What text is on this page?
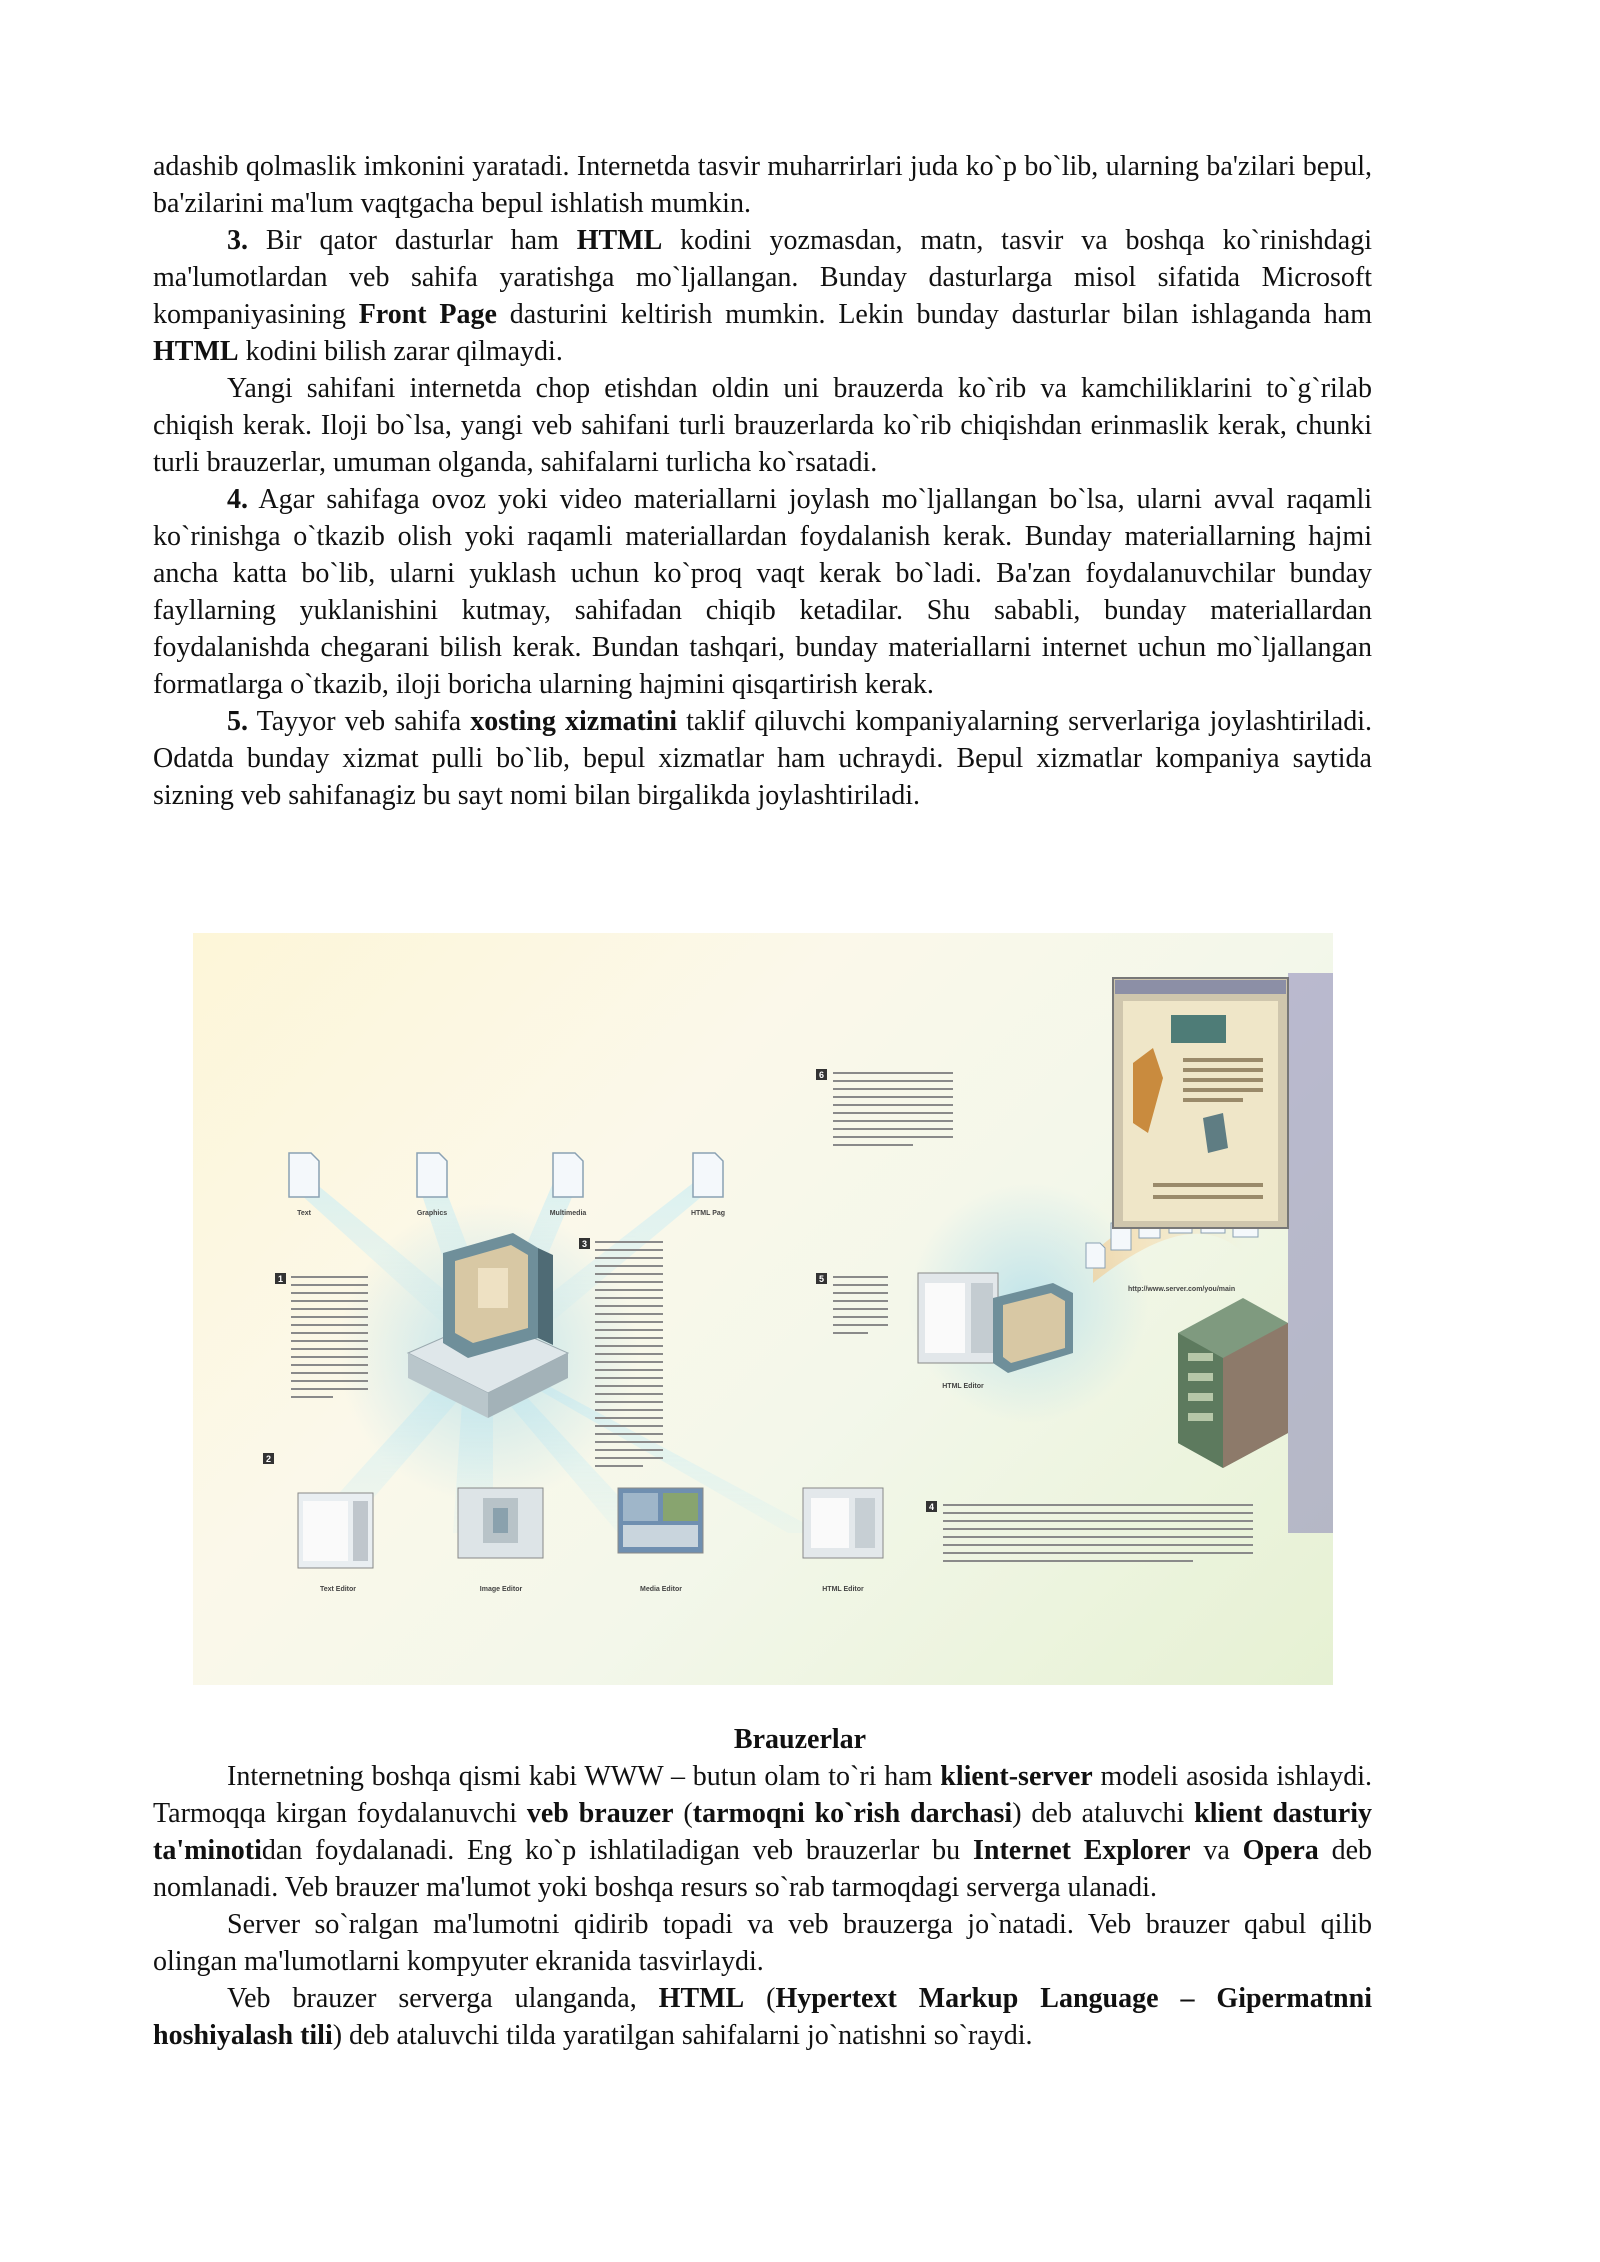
adashib qolmaslik imkonini yaratadi. Internetda tasvir muharrirlari juda ko`p bo`lib, ularning ba'zilari bepul, ba'zilarini ma'lum vaqtgacha bepul ishlatish mumkin.

3. Bir qator dasturlar ham HTML kodini yozmasdan, matn, tasvir va boshqa ko`rinishdagi ma'lumotlardan veb sahifa yaratishga mo`ljallangan. Bunday dasturlarga misol sifatida Microsoft kompaniyasining Front Page dasturini keltirish mumkin. Lekin bunday dasturlar bilan ishlaganda ham HTML kodini bilish zarar qilmaydi.

Yangi sahifani internetda chop etishdan oldin uni brauzerda ko`rib va kamchiliklarini to`g`rilab chiqish kerak. Iloji bo`lsa, yangi veb sahifani turli brauzerlarda ko`rib chiqishdan erinmaslik kerak, chunki turli brauzerlar, umuman olganda, sahifalarni turlicha ko`rsatadi.

4. Agar sahifaga ovoz yoki video materiallarni joylash mo`ljallangan bo`lsa, ularni avval raqamli ko`rinishga o`tkazib olish yoki raqamli materiallardan foydalanish kerak. Bunday materiallarning hajmi ancha katta bo`lib, ularni yuklash uchun ko`proq vaqt kerak bo`ladi. Ba'zan foydalanuvchilar bunday fayllarning yuklanishini kutmay, sahifadan chiqib ketadilar. Shu sababli, bunday materiallardan foydalanishda chegarani bilish kerak. Bundan tashqari, bunday materiallarni internet uchun mo`ljallangan formatlarga o`tkazib, iloji boricha ularning hajmini qisqartirish kerak.

5. Tayyor veb sahifa xosting xizmatini taklif qiluvchi kompaniyalarning serverlariga joylashtiriladi. Odatda bunday xizmat pulli bo`lib, bepul xizmatlar ham uchraydi. Bepul xizmatlar kompaniya saytida sizning veb sahifanagiz bu sayt nomi bilan birgalikda joylashtiriladi.

Text	Graphics	Multimedia	HTML Pag
1
3
6
5
4
2
Text Editor	Image Editor	Media Editor	HTML Editor
HTML Editor
http://www.server.com/you/main
Brauzerlar

Internetning boshqa qismi kabi WWW – butun olam to`ri ham klient-server modeli asosida ishlaydi. Tarmoqqa kirgan foydalanuvchi veb brauzer (tarmoqni ko`rish darchasi) deb ataluvchi klient dasturiy ta'minotidan foydalanadi. Eng ko`p ishlatiladigan veb brauzerlar bu Internet Explorer va Opera deb nomlanadi. Veb brauzer ma'lumot yoki boshqa resurs so`rab tarmoqdagi serverga ulanadi.

Server so`ralgan ma'lumotni qidirib topadi va veb brauzerga jo`natadi. Veb brauzer qabul qilib olingan ma'lumotlarni kompyuter ekranida tasvirlaydi.

Veb brauzer serverga ulanganda, HTML (Hypertext Markup Language – Gipermatnni hoshiyalash tili) deb ataluvchi tilda yaratilgan sahifalarni jo`natishni so`raydi.
